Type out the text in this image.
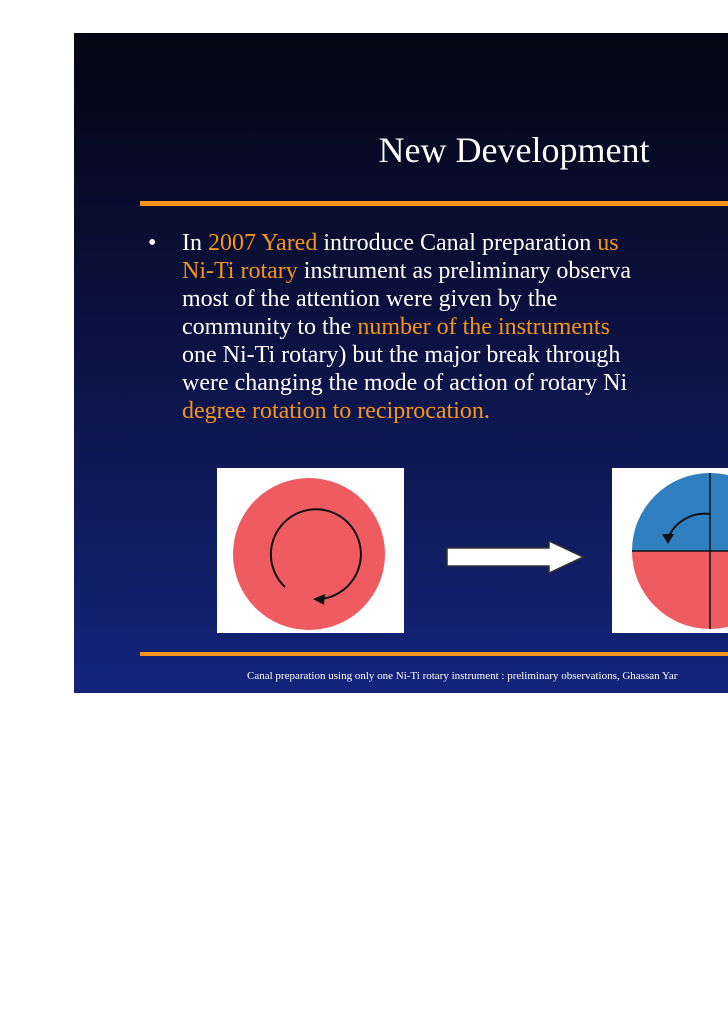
New Development
•	In 2007 Yared introduce Canal preparation us
Ni-Ti rotary instrument as preliminary observa
most of the attention were given by the
community to the number of the instruments
one Ni-Ti rotary) but the major break through
were changing the mode of action of rotary Ni
degree rotation to reciprocation.
Canal preparation using only one Ni-Ti rotary instrument : preliminary observations, Ghassan Yar
